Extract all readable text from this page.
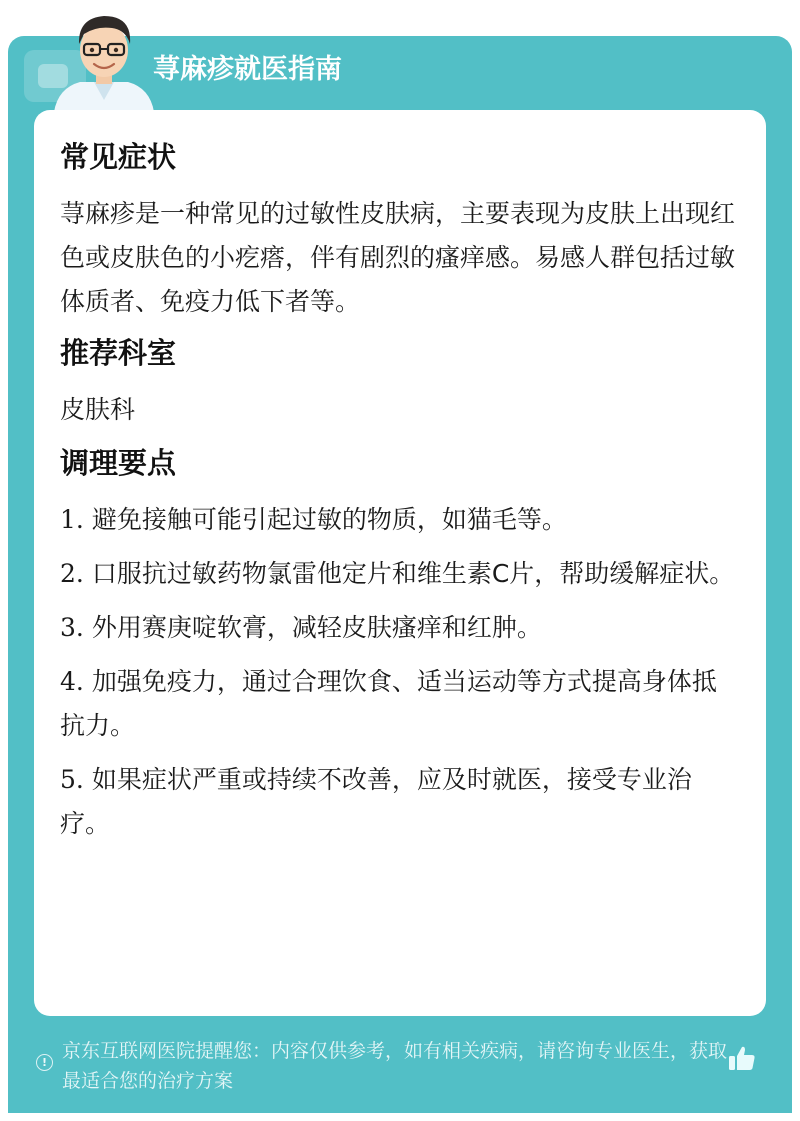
荨麻疹就医指南
常见症状

荨麻疹是一种常见的过敏性皮肤病，主要表现为皮肤上出现红色或皮肤色的小疙瘩，伴有剧烈的瘙痒感。易感人群包括过敏体质者、免疫力低下者等。

推荐科室

皮肤科

调理要点
1. 避免接触可能引起过敏的物质，如猫毛等。
2. 口服抗过敏药物氯雷他定片和维生素C片，帮助缓解症状。
3. 外用赛庚啶软膏，减轻皮肤瘙痒和红肿。
4. 加强免疫力，通过合理饮食、适当运动等方式提高身体抵抗力。
5. 如果症状严重或持续不改善，应及时就医，接受专业治疗。
!
京东互联网医院提醒您：内容仅供参考，如有相关疾病，请咨询专业医生，获取最适合您的治疗方案
